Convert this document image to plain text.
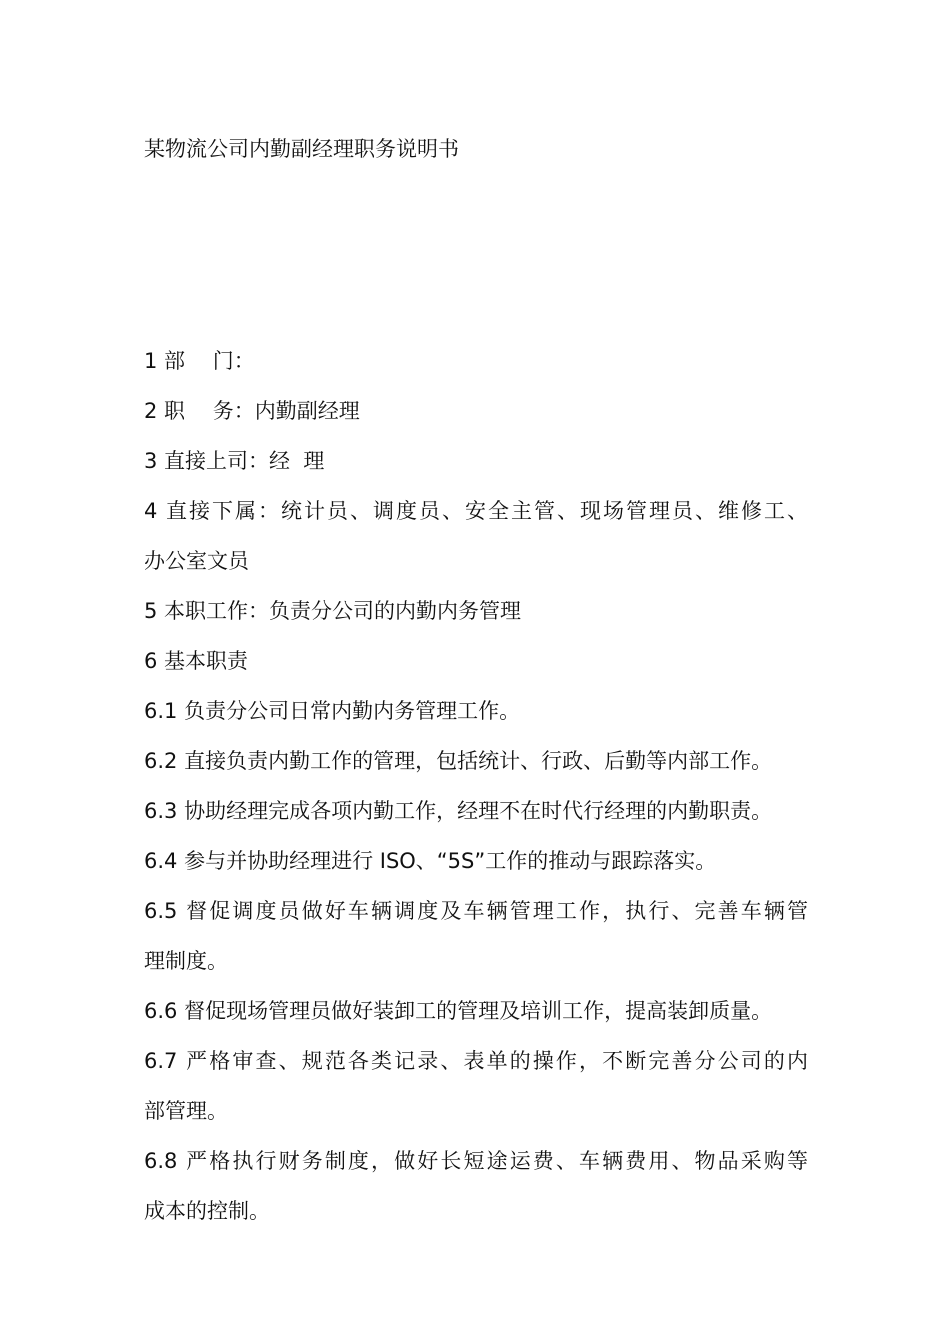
某物流公司内勤副经理职务说明书

1 部　 门：

2 职　 务：内勤副经理

3 直接上司：经  理

4 直接下属：统计员、调度员、安全主管、现场管理员、维修工、

办公室文员

5 本职工作：负责分公司的内勤内务管理

6 基本职责

6.1 负责分公司日常内勤内务管理工作。

6.2 直接负责内勤工作的管理，包括统计、行政、后勤等内部工作。

6.3 协助经理完成各项内勤工作，经理不在时代行经理的内勤职责。

6.4 参与并协助经理进行 ISO、“5S”工作的推动与跟踪落实。

6.5 督促调度员做好车辆调度及车辆管理工作，执行、完善车辆管

理制度。

6.6 督促现场管理员做好装卸工的管理及培训工作，提高装卸质量。

6.7 严格审查、规范各类记录、表单的操作，不断完善分公司的内

部管理。

6.8 严格执行财务制度，做好长短途运费、车辆费用、物品采购等

成本的控制。
